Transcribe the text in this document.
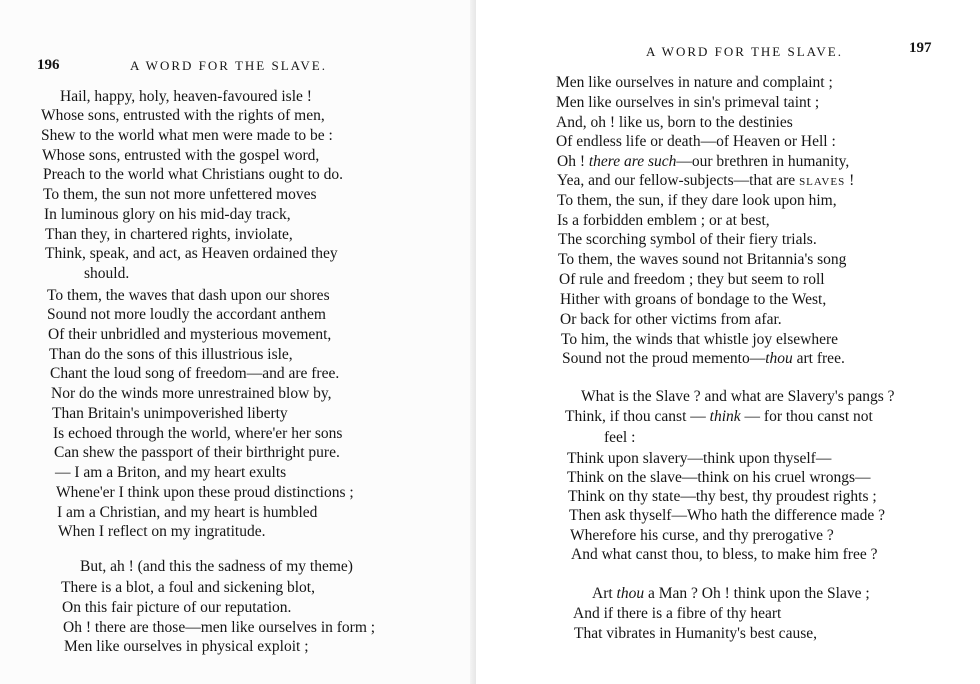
196	A WORD FOR THE SLAVE.
Hail, happy, holy, heaven-favoured isle !
Whose sons, entrusted with the rights of men,
Shew to the world what men were made to be :
Whose sons, entrusted with the gospel word,
Preach to the world what Christians ought to do.
To them, the sun not more unfettered moves
In luminous glory on his mid-day track,
Than they, in chartered rights, inviolate,
Think, speak, and act, as Heaven ordained they
should.
To them, the waves that dash upon our shores
Sound not more loudly the accordant anthem
Of their unbridled and mysterious movement,
Than do the sons of this illustrious isle,
Chant the loud song of freedom—and are free.
Nor do the winds more unrestrained blow by,
Than Britain's unimpoverished liberty
Is echoed through the world, where'er her sons
Can shew the passport of their birthright pure.
— I am a Briton, and my heart exults
Whene'er I think upon these proud distinctions ;
I am a Christian, and my heart is humbled
When I reflect on my ingratitude.
But, ah ! (and this the sadness of my theme)
There is a blot, a foul and sickening blot,
On this fair picture of our reputation.
Oh ! there are those—men like ourselves in form ;
Men like ourselves in physical exploit ;
A WORD FOR THE SLAVE.	197
Men like ourselves in nature and complaint ;
Men like ourselves in sin's primeval taint ;
And, oh ! like us, born to the destinies
Of endless life or death—of Heaven or Hell :
Oh ! there are such—our brethren in humanity,
Yea, and our fellow-subjects—that are slaves !
To them, the sun, if they dare look upon him,
Is a forbidden emblem ; or at best,
The scorching symbol of their fiery trials.
To them, the waves sound not Britannia's song
Of rule and freedom ; they but seem to roll
Hither with groans of bondage to the West,
Or back for other victims from afar.
To him, the winds that whistle joy elsewhere
Sound not the proud memento—thou art free.
What is the Slave ? and what are Slavery's pangs ?
Think, if thou canst — think — for thou canst not
feel :
Think upon slavery—think upon thyself—
Think on the slave—think on his cruel wrongs—
Think on thy state—thy best, thy proudest rights ;
Then ask thyself—Who hath the difference made ?
Wherefore his curse, and thy prerogative ?
And what canst thou, to bless, to make him free ?
Art thou a Man ? Oh ! think upon the Slave ;
And if there is a fibre of thy heart
That vibrates in Humanity's best cause,
